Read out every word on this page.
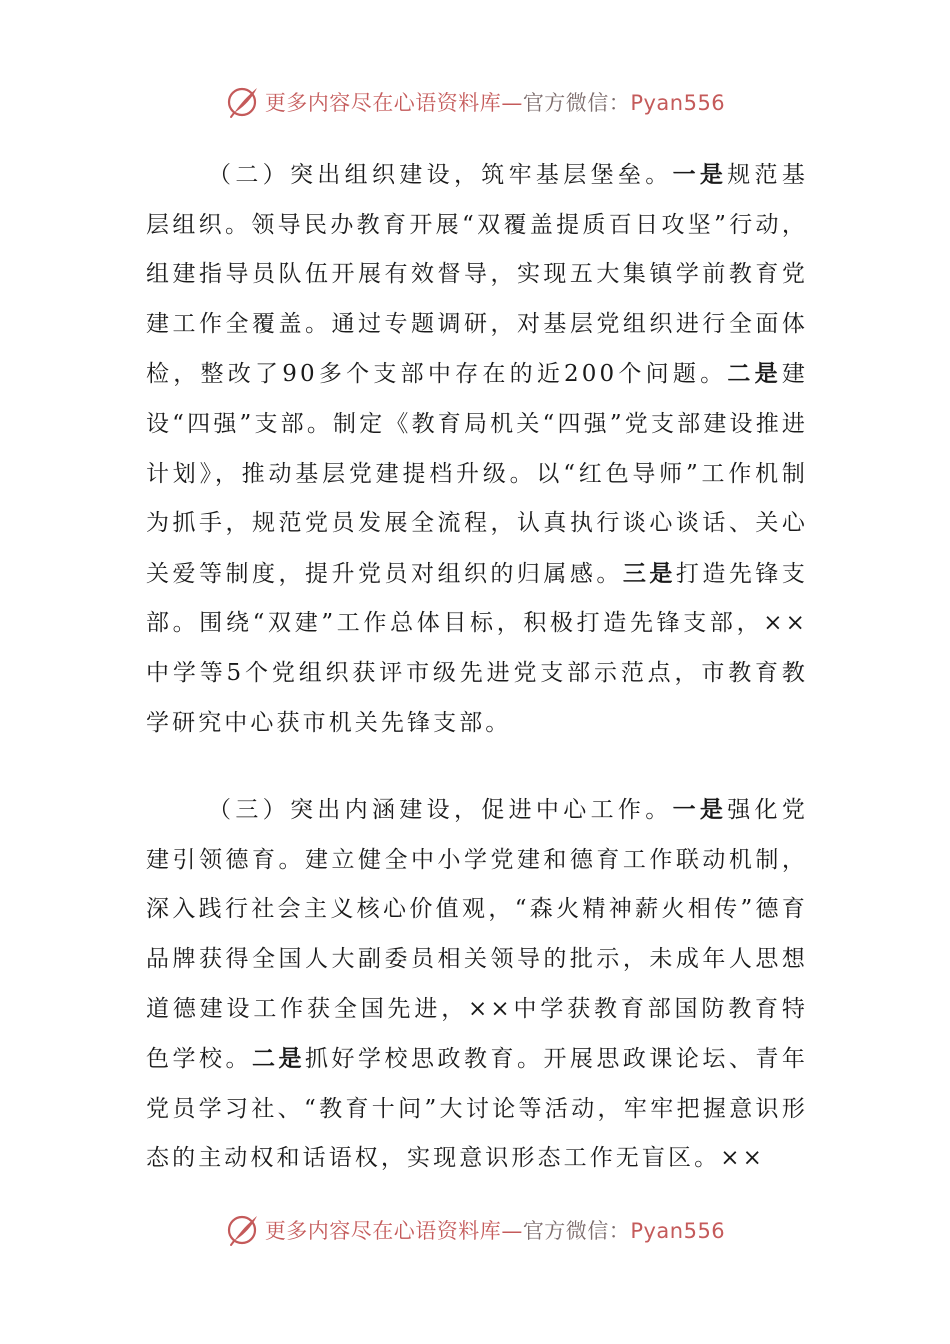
更多内容尽在心语资料库—官方微信：Pyan556

（二）突出组织建设，筑牢基层堡垒。一是规范基层组织。领导民办教育开展“双覆盖提质百日攻坚”行动，组建指导员队伍开展有效督导，实现五大集镇学前教育党建工作全覆盖。通过专题调研，对基层党组织进行全面体检，整改了90多个支部中存在的近200个问题。二是建设“四强”支部。制定《教育局机关“四强”党支部建设推进计划》，推动基层党建提档升级。以“红色导师”工作机制为抓手，规范党员发展全流程，认真执行谈心谈话、关心关爱等制度，提升党员对组织的归属感。三是打造先锋支部。围绕“双建”工作总体目标，积极打造先锋支部，××中学等5个党组织获评市级先进党支部示范点，市教育教学研究中心获市机关先锋支部。

（三）突出内涵建设，促进中心工作。一是强化党建引领德育。建立健全中小学党建和德育工作联动机制，深入践行社会主义核心价值观，“森火精神薪火相传”德育品牌获得全国人大副委员相关领导的批示，未成年人思想道德建设工作获全国先进，××中学获教育部国防教育特色学校。二是抓好学校思政教育。开展思政课论坛、青年党员学习社、“教育十问”大讨论等活动，牢牢把握意识形态的主动权和话语权，实现意识形态工作无盲区。××

更多内容尽在心语资料库—官方微信：Pyan556
